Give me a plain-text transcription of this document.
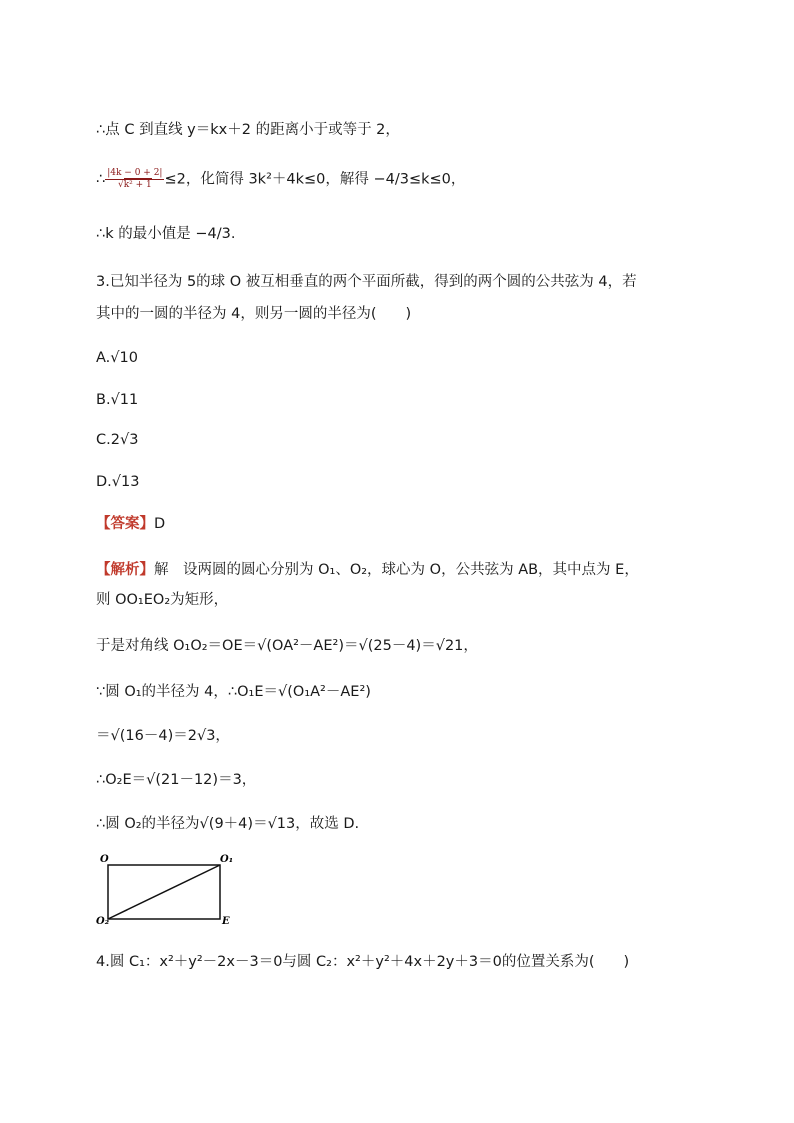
∴点 C 到直线 y＝kx＋2 的距离小于或等于 2，
∴ $\frac{|4k - 0 + 2|}{\text{√k² + 1}} \le 2$，化简得 3k²＋4k≤0，解得 −4/3≤k≤0，
∴k 的最小值是 −4/3.
3.已知半径为 5的球 O 被互相垂直的两个平面所截，得到的两个圆的公共弦为 4，若
其中的一圆的半径为 4，则另一圆的半径为(　　)
A.√10
B.√11
C.2√3
D.√13
【答案】D
【解析】解　设两圆的圆心分别为 O₁、O₂，球心为 O，公共弦为 AB，其中点为 E，
则 OO₁EO₂为矩形，
于是对角线 O₁O₂＝OE＝√(OA²－AE²)＝√(25－4)＝√21，
∵圆 O₁的半径为 4，∴O₁E＝√(O₁A²－AE²)
＝√(16－4)＝2√3，
∴O₂E＝√(21－12)＝3，
∴圆 O₂的半径为√(9＋4)＝√13，故选 D.
O	O₁
O₂	E
4.圆 C₁：x²＋y²－2x－3＝0与圆 C₂：x²＋y²＋4x＋2y＋3＝0的位置关系为(　　)
